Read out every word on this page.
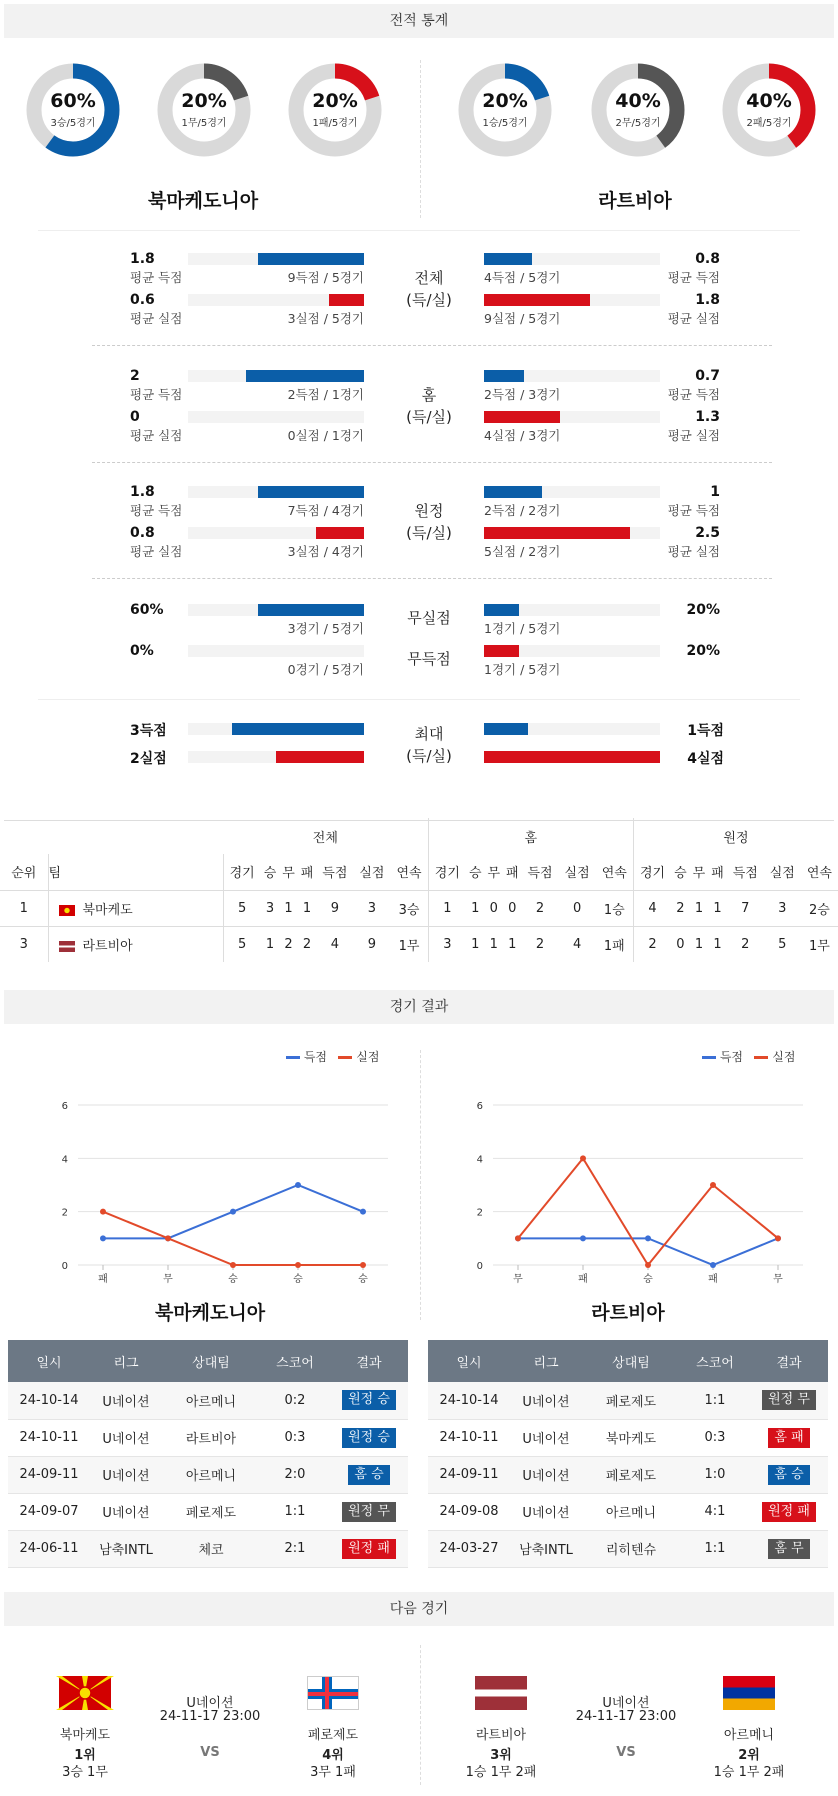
전적 통계
60%
3승/5경기
20%
1무/5경기
20%
1패/5경기
20%
1승/5경기
40%
2무/5경기
40%
2패/5경기
북마케도니아	라트비아
1.8
평균 득점	9득점 / 5경기	4득점 / 5경기
0.8
평균 득점
0.6
평균 실점	3실점 / 5경기	9실점 / 5경기
1.8
평균 실점
전체
(득/실)
2
평균 득점	2득점 / 1경기	2득점 / 3경기
0.7
평균 득점
0
평균 실점	0실점 / 1경기	4실점 / 3경기
1.3
평균 실점
홈
(득/실)
1.8
평균 득점	7득점 / 4경기	2득점 / 2경기
1
평균 득점
0.8
평균 실점	3실점 / 4경기	5실점 / 2경기
2.5
평균 실점
원정
(득/실)
60%
3경기 / 5경기	1경기 / 5경기
20%
무실점
0%
0경기 / 5경기	1경기 / 5경기
20%
무득점
3득점	1득점
2실점	4실점
최대
(득/실)
		전체							홈							원정						
순위	팀	경기	승	무	패	득점	실점	연속	경기	승	무	패	득점	실점	연속	경기	승	무	패	득점	실점	연속
1	북마케도	5	3	1	1	9	3	3승	1	1	0	0	2	0	1승	4	2	1	1	7	3	2승
3	라트비아	5	1	2	2	4	9	1무	3	1	1	1	2	4	1패	2	0	1	1	2	5	1무
경기 결과
득점 실점	득점 실점
0
2
4
6
패	무	승	승	승
0
2
4
6
무	패	승	패	무
북마케도니아	라트비아
일시	리그	상대팀	스코어	결과
24-10-14	U네이션	아르메니	0:2	원정 승
24-10-11	U네이션	라트비아	0:3	원정 승
24-09-11	U네이션	아르메니	2:0	홈 승
24-09-07	U네이션	페로제도	1:1	원정 무
24-06-11	남축INTL	체코	2:1	원정 패
일시	리그	상대팀	스코어	결과
24-10-14	U네이션	페로제도	1:1	원정 무
24-10-11	U네이션	북마케도	0:3	홈 패
24-09-11	U네이션	페로제도	1:0	홈 승
24-09-08	U네이션	아르메니	4:1	원정 패
24-03-27	남축INTL	리히텐슈	1:1	홈 무
다음 경기
U네이션
24-11-17 23:00
VS
북마케도
1위
3승 1무
페로제도
4위
3무 1패
U네이션
24-11-17 23:00
VS
라트비아
3위
1승 1무 2패
아르메니
2위
1승 1무 2패
